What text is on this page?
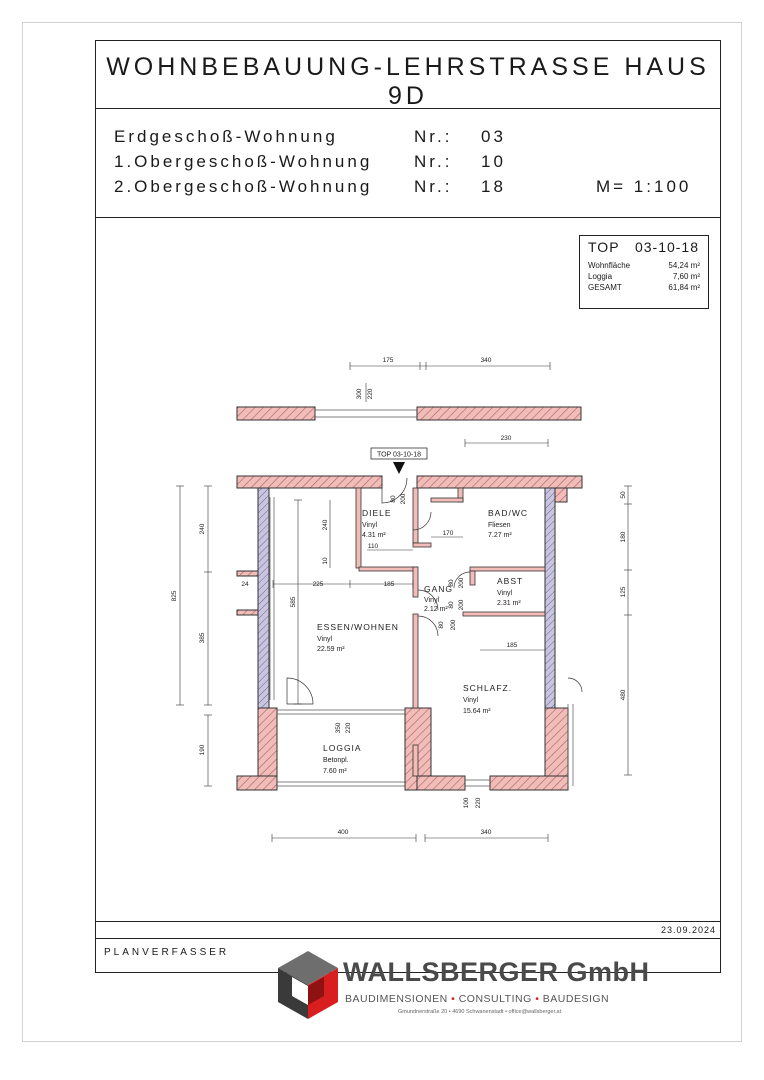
WOHNBEBAUUNG-LEHRSTRASSE HAUS 9D
Erdgeschoß-Wohnung	Nr.: 03
1.Obergeschoß-Wohnung Nr.: 10
2.Obergeschoß-Wohnung Nr.: 18	M= 1:100
TOP 03-10-18
Wohnfläche	54,24 m²
Loggia	7,60 m²
GESAMT	61,84 m²
23.09.2024
PLANVERFASSER
WALLSBERGER GmbH
BAUDIMENSIONEN • CONSULTING • BAUDESIGN
Gmundnerstraße 20 • 4690 Schwanenstadt • office@wallsberger.at
TOP 03-10-18
DIELE
Vinyl
4.31 m²
BAD/WC
Fliesen
7.27 m²
GANG
Vinyl
2.12 m²
ABST
Vinyl
2.31 m²
ESSEN/WOHNEN
Vinyl
22.59 m²
SCHLAFZ.
Vinyl
15.64 m²
LOGGIA
Betonpl.
7.60 m²
175	340
300 220
230
80 200
240
10
110
170
24	225	185	80 200
80 200
80 200
185
585
350 220
100 220
400	340
825
240
385
190
50
180
125
480
